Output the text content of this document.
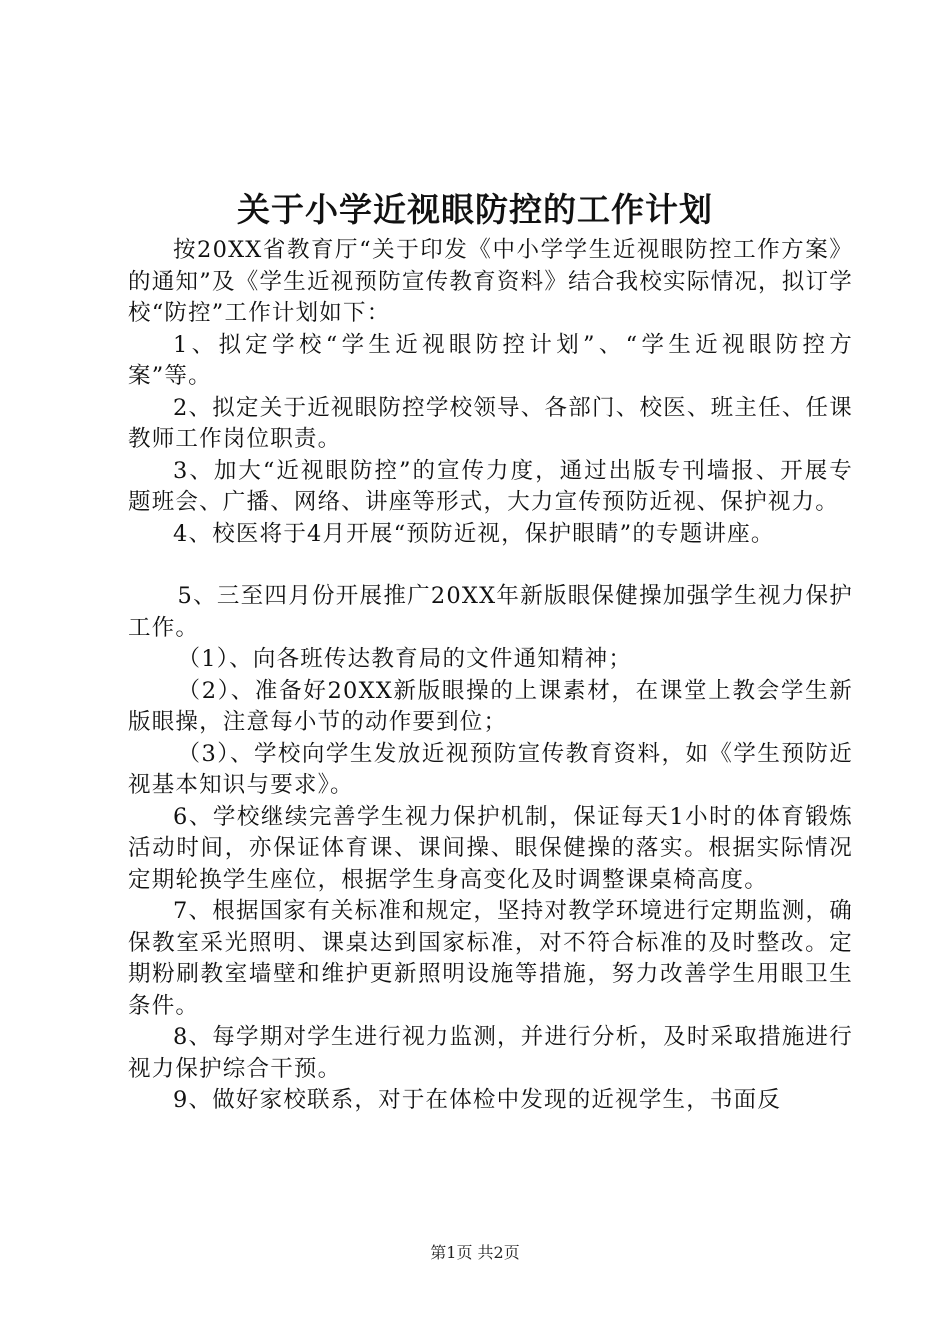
关于小学近视眼防控的工作计划

按20XX省教育厅“关于印发《中小学学生近视眼防控工作方案》的通知”及《学生近视预防宣传教育资料》结合我校实际情况，拟订学校“防控”工作计划如下：

1、拟定学校“学生近视眼防控计划”、“学生近视眼防控方案”等。

2、拟定关于近视眼防控学校领导、各部门、校医、班主任、任课教师工作岗位职责。

3、加大“近视眼防控”的宣传力度，通过出版专刊墙报、开展专题班会、广播、网络、讲座等形式，大力宣传预防近视、保护视力。

4、校医将于4月开展“预防近视，保护眼睛”的专题讲座。

5、三至四月份开展推广20XX年新版眼保健操加强学生视力保护工作。

（1）、向各班传达教育局的文件通知精神；

（2）、准备好20XX新版眼操的上课素材，在课堂上教会学生新版眼操，注意每小节的动作要到位；

（3）、学校向学生发放近视预防宣传教育资料，如《学生预防近视基本知识与要求》。

6、学校继续完善学生视力保护机制，保证每天1小时的体育锻炼活动时间，亦保证体育课、课间操、眼保健操的落实。根据实际情况定期轮换学生座位，根据学生身高变化及时调整课桌椅高度。

7、根据国家有关标准和规定，坚持对教学环境进行定期监测，确保教室采光照明、课桌达到国家标准，对不符合标准的及时整改。定期粉刷教室墙壁和维护更新照明设施等措施，努力改善学生用眼卫生条件。

8、每学期对学生进行视力监测，并进行分析，及时采取措施进行视力保护综合干预。

9、做好家校联系，对于在体检中发现的近视学生，书面反

第1页 共2页
